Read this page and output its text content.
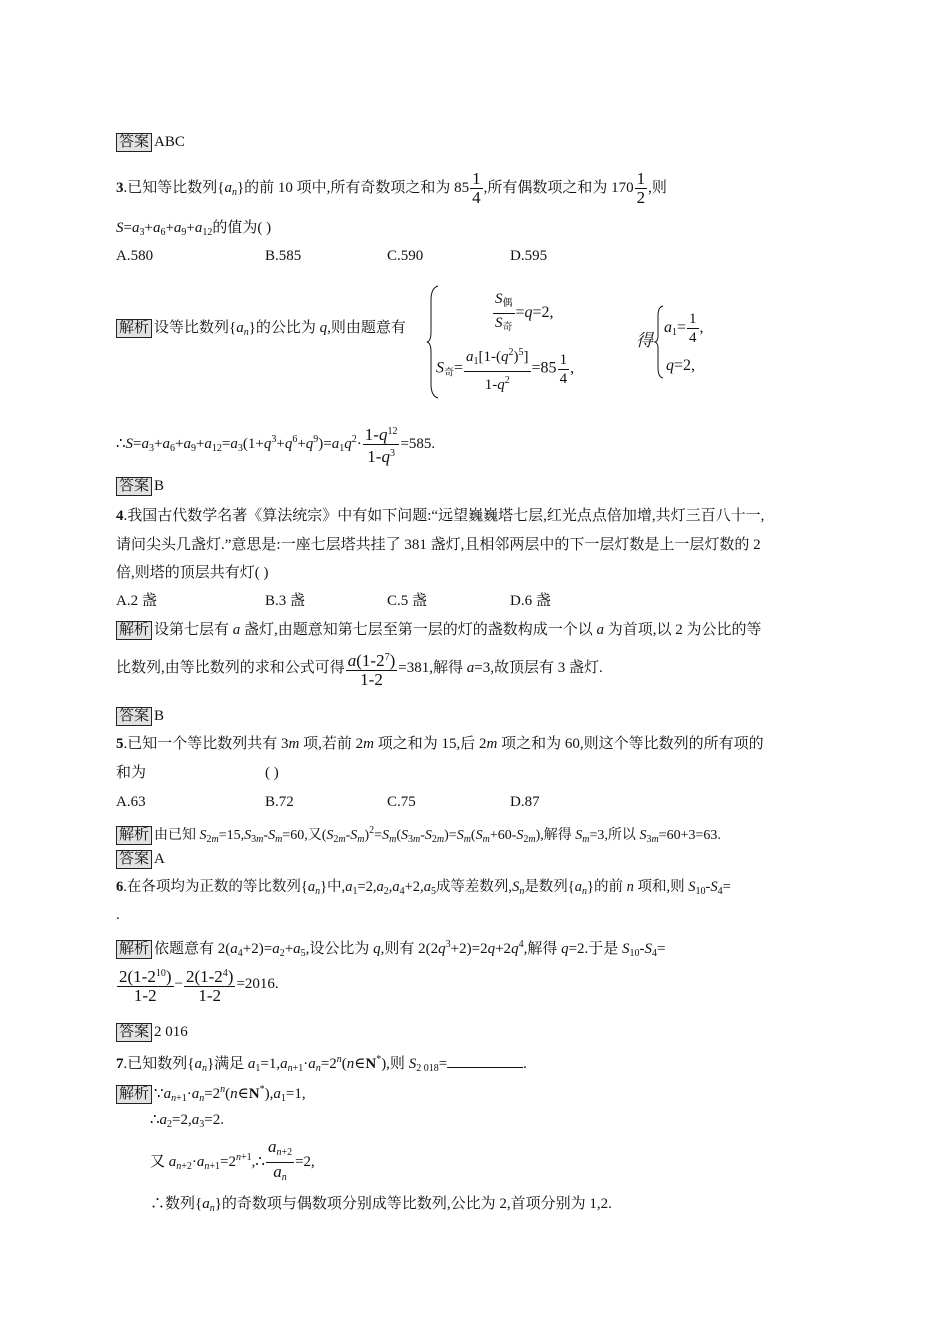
答案 ABC
3.已知等比数列$\{a_n\}$的前 10 项中,所有奇数项之和为 $85 \frac{1}{4}$ ,所有偶数项之和为 $170 \frac{1}{2}$ ,则
$S=a_3+a_6+a_9+a_{12}$的值为( )
A.580	B.585	C.590	D.595
解析 设等比数列$\{a_n\}$的公比为 q,则由题意有	$\frac{S_偶}{S_奇} =q=2$,
$S_奇= \frac{a_1[1-(q^2)^5]}{1-q^2} =85 \frac{1}{4}$ ,
得
$a_1= \frac{1}{4}$ ,
q=2,
$\therefore S=a_3+a_6+a_9+a_{12}=a_3(1+q^3+q^6+q^9)=a_1q^2\cdot \frac{1-q^{12}}{1-q^3} =585$.
答案 B
4.我国古代数学名著《算法统宗》中有如下问题:“远望巍巍塔七层,红光点点倍加增,共灯三百八十一,
请问尖头几盏灯.”意思是:一座七层塔共挂了 381 盏灯,且相邻两层中的下一层灯数是上一层灯数的 2
倍,则塔的顶层共有灯( )
A.2 盏	B.3 盏	C.5 盏	D.6 盏
解析 设第七层有 a 盏灯,由题意知第七层至第一层的灯的盏数构成一个以 a 为首项,以 2 为公比的等
比数列,由等比数列的求和公式可得 $\frac{a(1-2^7)}{1-2} =381$,解得 a=3,故顶层有 3 盏灯.
答案 B
5.已知一个等比数列共有 3m 项,若前 2m 项之和为 15,后 2m 项之和为 60,则这个等比数列的所有项的
和为	( )
A.63	B.72	C.75	D.87
解析 由已知 $S_{2m}=15,S_{3m}-S_m=60$,又$(S_{2m}-S_m)^2=S_m(S_{3m}-S_{2m})=S_m(S_m+60-S_{2m})$,解得 $S_m=3$,所以 $S_{3m}=60+3=63$.
答案 A
6.在各项均为正数的等比数列$\{a_n\}$中$,a_1=2,a_2,a_4+2,a_5$成等差数列$,S_n$是数列$\{a_n\}$的前 n 项和,则 $S_{10}-S_4=$
.
解析 依题意有 $2(a_4+2)=a_2+a_5$,设公比为 q,则有 $2(2q^3+2)=2q+2q^4$,解得 q=2.于是 $S_{10}-S_4=$
$\frac{2(1-2^{10})}{1-2} - \frac{2(1-2^4)}{1-2} =2016$.
答案 2 016
7.已知数列$\{a_n\}$满足 $a_1=1,a_{n+1}\cdot a_n=2^n(n\in N^*)$,则 $S_{2 018}=$	.
解析 $\because a_{n+1}\cdot a_n=2^n(n\in N^*),a_1=1$,
$\therefore a_2=2,a_3=2$.
又 $a_{n+2}\cdot a_{n+1}=2^{n+1},\therefore \frac{a_{n+2}}{a_n} =2$,
∴数列$\{a_n\}$的奇数项与偶数项分别成等比数列,公比为 2,首项分别为 1,2.
